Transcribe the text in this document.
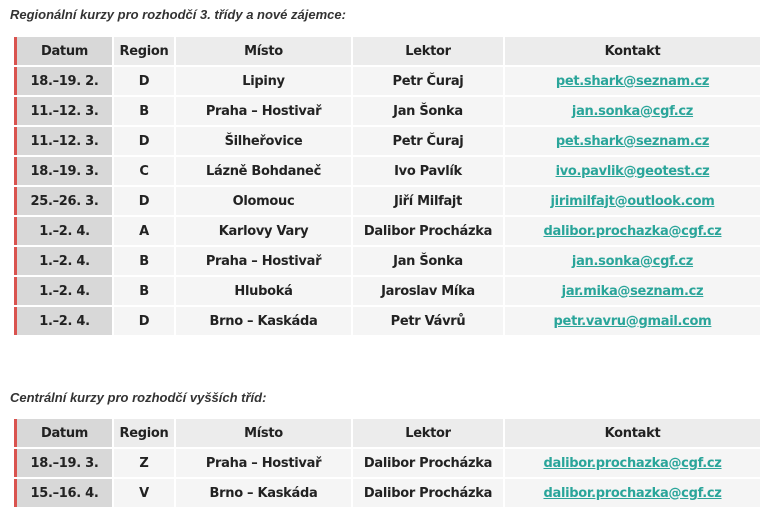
Regionální kurzy pro rozhodčí 3. třídy a nové zájemce:
Datum	Region	Místo	Lektor	Kontakt
18.–19. 2.	D	Lipiny	Petr Čuraj	pet.shark@seznam.cz
11.–12. 3.	B	Praha – Hostivař	Jan Šonka	jan.sonka@cgf.cz
11.–12. 3.	D	Šilheřovice	Petr Čuraj	pet.shark@seznam.cz
18.–19. 3.	C	Lázně Bohdaneč	Ivo Pavlík	ivo.pavlik@geotest.cz
25.–26. 3.	D	Olomouc	Jiří Milfajt	jirimilfajt@outlook.com
1.–2. 4.	A	Karlovy Vary	Dalibor Procházka	dalibor.prochazka@cgf.cz
1.–2. 4.	B	Praha – Hostivař	Jan Šonka	jan.sonka@cgf.cz
1.–2. 4.	B	Hluboká	Jaroslav Míka	jar.mika@seznam.cz
1.–2. 4.	D	Brno – Kaskáda	Petr Vávrů	petr.vavru@gmail.com
Centrální kurzy pro rozhodčí vyšších tříd:
Datum	Region	Místo	Lektor	Kontakt
18.–19. 3.	Z	Praha – Hostivař	Dalibor Procházka	dalibor.prochazka@cgf.cz
15.–16. 4.	V	Brno – Kaskáda	Dalibor Procházka	dalibor.prochazka@cgf.cz
